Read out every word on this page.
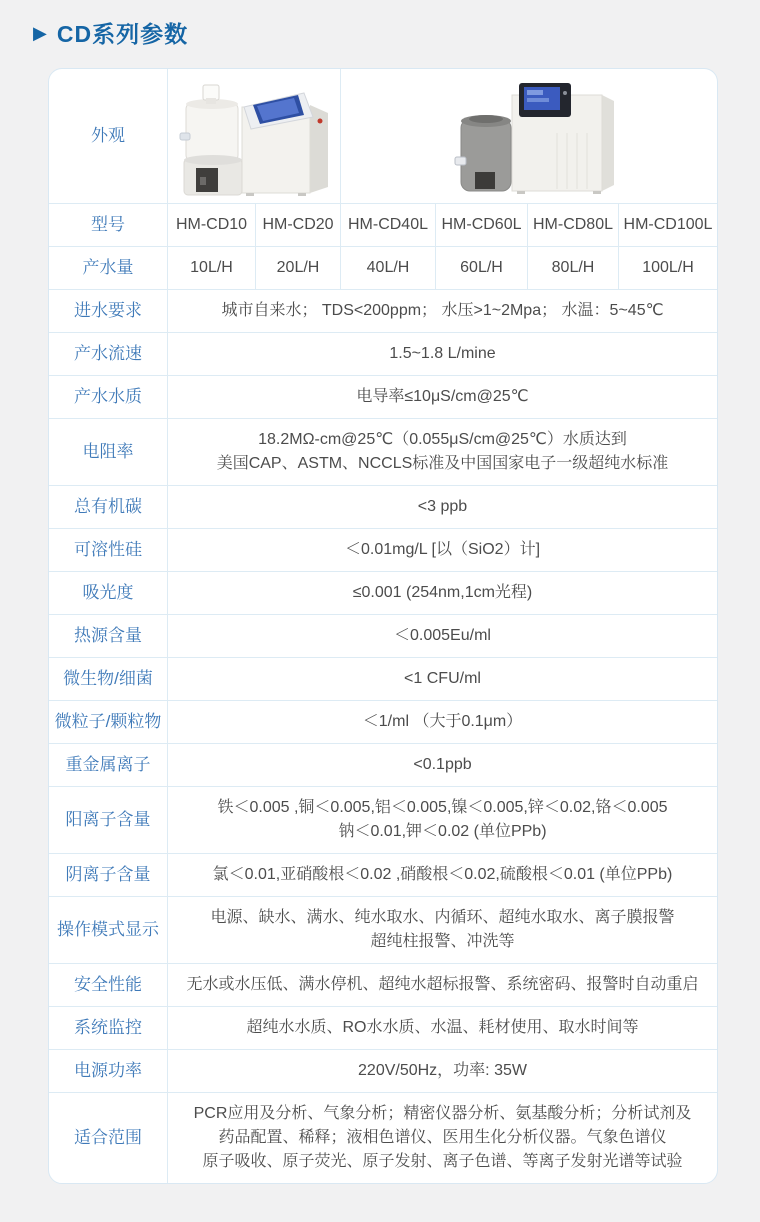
▶ CD系列参数
外观	

型号	HM-CD10	HM-CD20	HM-CD40L	HM-CD60L	HM-CD80L	HM-CD100L
产水量	10L/H	20L/H	40L/H	60L/H	80L/H	100L/H
进水要求	城市自来水； TDS<200ppm； 水压>1~2Mpa； 水温：5~45℃					

产水流速	1.5~1.8 L/mine					

产水水质	电导率≤10μS/cm@25℃					

电阻率	18.2MΩ-cm@25℃（0.055μS/cm@25℃）水质达到
美国CAP、ASTM、NCCLS标准及中国国家电子一级超纯水标准					

总有机碳	<3 ppb					

可溶性硅	＜0.01mg/L [以（SiO2）计]					

吸光度	≤0.001 (254nm,1cm光程)					

热源含量	＜0.005Eu/ml					

微生物/细菌	<1 CFU/ml					

微粒子/颗粒物	＜1/ml （大于0.1μm）					

重金属离子	<0.1ppb					

阳离子含量	铁＜0.005 ,铜＜0.005,铝＜0.005,镍＜0.005,锌＜0.02,铬＜0.005
钠＜0.01,钾＜0.02 (单位PPb)					

阴离子含量	氯＜0.01,亚硝酸根＜0.02 ,硝酸根＜0.02,硫酸根＜0.01 (单位PPb)					

操作模式显示	电源、缺水、满水、纯水取水、内循环、超纯水取水、离子膜报警
超纯柱报警、冲洗等					

安全性能	无水或水压低、满水停机、超纯水超标报警、系统密码、报警时自动重启					

系统监控	超纯水水质、RO水水质、水温、耗材使用、取水时间等					

电源功率	220V/50Hz，功率: 35W					

适合范围	PCR应用及分析、气象分析；精密仪器分析、氨基酸分析；分析试剂及
药品配置、稀释；液相色谱仪、医用生化分析仪器。气象色谱仪
原子吸收、原子荧光、原子发射、离子色谱、等离子发射光谱等试验					
